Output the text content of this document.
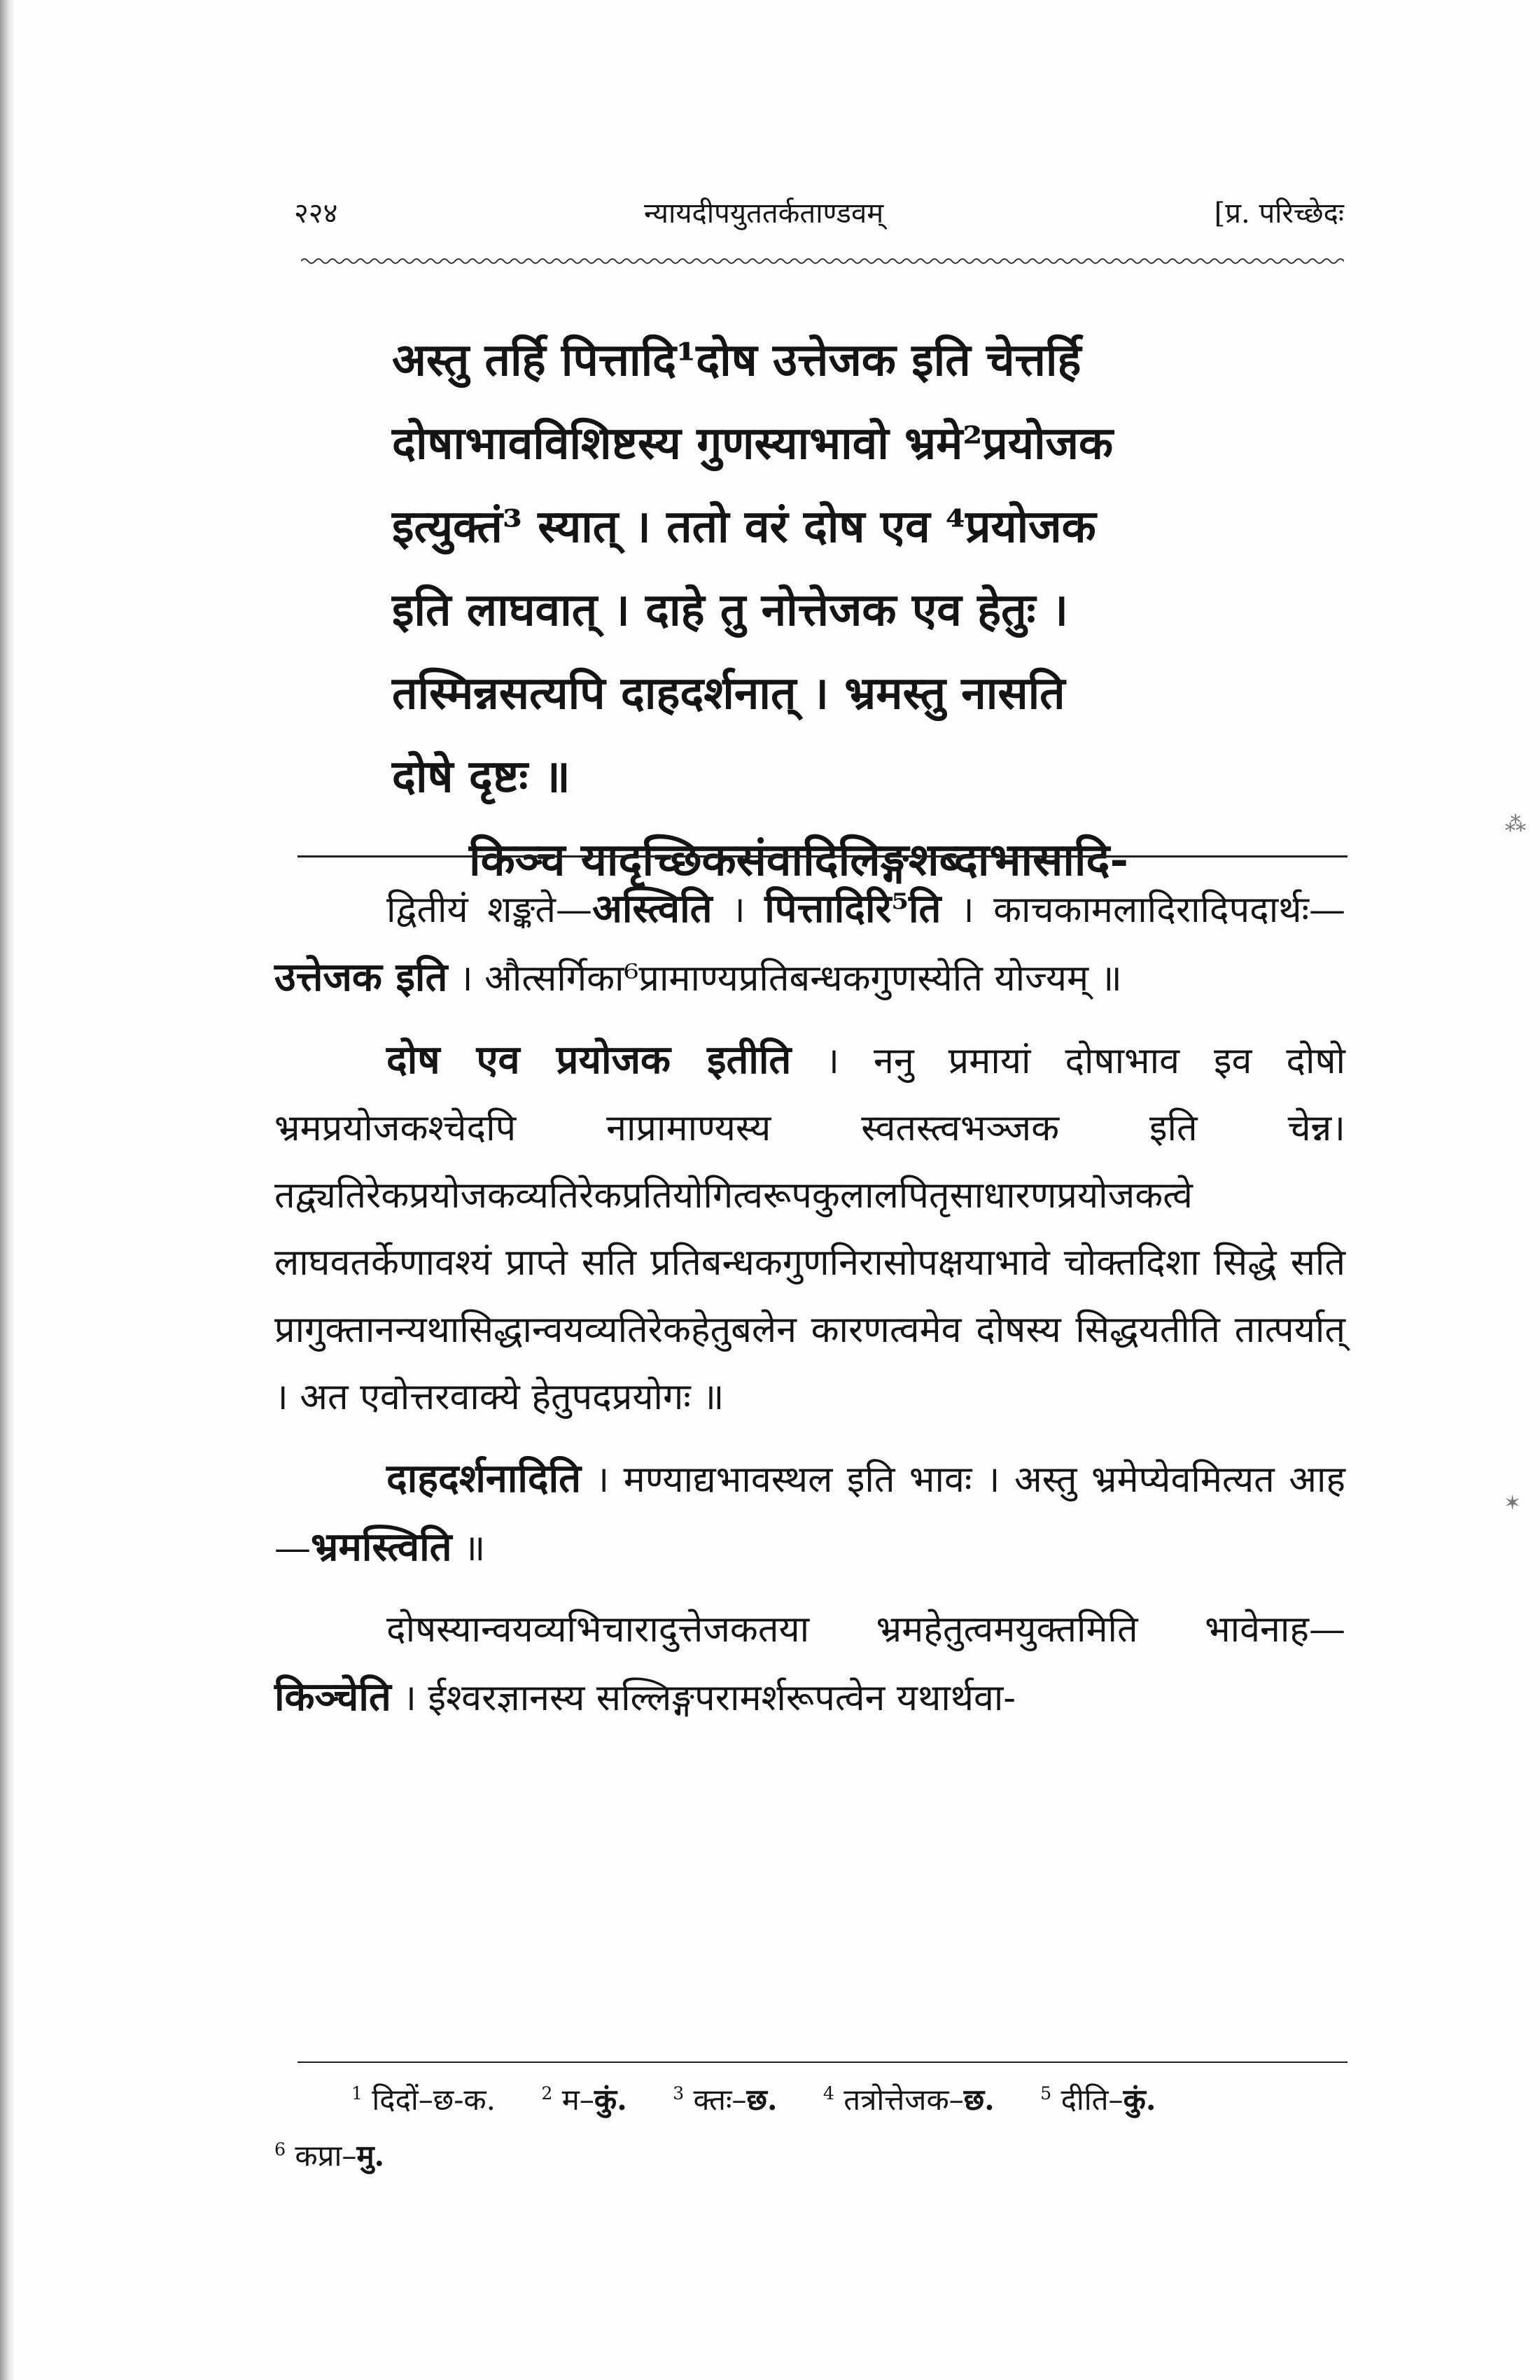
२२४	न्यायदीपयुततर्कताण्डवम्	[प्र. परिच्छेदः
अस्तु तर्हि पित्तादि¹दोष उत्तेजक इति चेत्तर्हि
दोषाभावविशिष्टस्य गुणस्याभावो भ्रमे²प्रयोजक
इत्युक्तं³ स्यात् । ततो वरं दोष एव ⁴प्रयोजक
इति लाघवात् । दाहे तु नोत्तेजक एव हेतुः ।
तस्मिन्नसत्यपि दाहदर्शनात् । भ्रमस्तु नासति
दोषे दृष्टः ॥
किञ्च यादृच्छिकसंवादिलिङ्गशब्दाभासादि-

द्वितीयं शङ्कते—अस्त्विति । पित्तादिरि⁵ति । काचकामलादिरादिपदार्थः—उत्तेजक इति । औत्सर्गिका⁶प्रामाण्यप्रतिबन्धकगुणस्येति योज्यम् ॥

दोष एव प्रयोजक इतीति । ननु प्रमायां दोषाभाव इव दोषो भ्रमप्रयोजकश्चेदपि नाप्रामाण्यस्य स्वतस्त्वभञ्जक इति चेन्न। तद्व्यतिरेकप्रयोजकव्यतिरेकप्रतियोगित्वरूपकुलालपितृसाधारणप्रयोजकत्वे लाघवतर्केणावश्यं प्राप्ते सति प्रतिबन्धकगुणनिरासोपक्षयाभावे चोक्तदिशा सिद्धे सति प्रागुक्तानन्यथासिद्धान्वयव्यतिरेकहेतुबलेन कारणत्वमेव दोषस्य सिद्धयतीति तात्पर्यात् । अत एवोत्तरवाक्ये हेतुपदप्रयोगः ॥

दाहदर्शनादिति । मण्याद्यभावस्थल इति भावः । अस्तु भ्रमेप्येवमित्यत आह—भ्रमस्त्विति ॥

दोषस्यान्वयव्यभिचारादुत्तेजकतया भ्रमहेतुत्वमयुक्तमिति भावेनाह—किञ्चेति । ईश्वरज्ञानस्य सल्लिङ्गपरामर्शरूपत्वेन यथार्थवा-

$^1$ दिदों–छ-क.	$^2$ म–कुं.	$^3$ क्तः–छ.	$^4$ तत्रोत्तेजक–छ.	$^5$ दीति–कुं.
$^6$ कप्रा–मु.
⁂
✶
